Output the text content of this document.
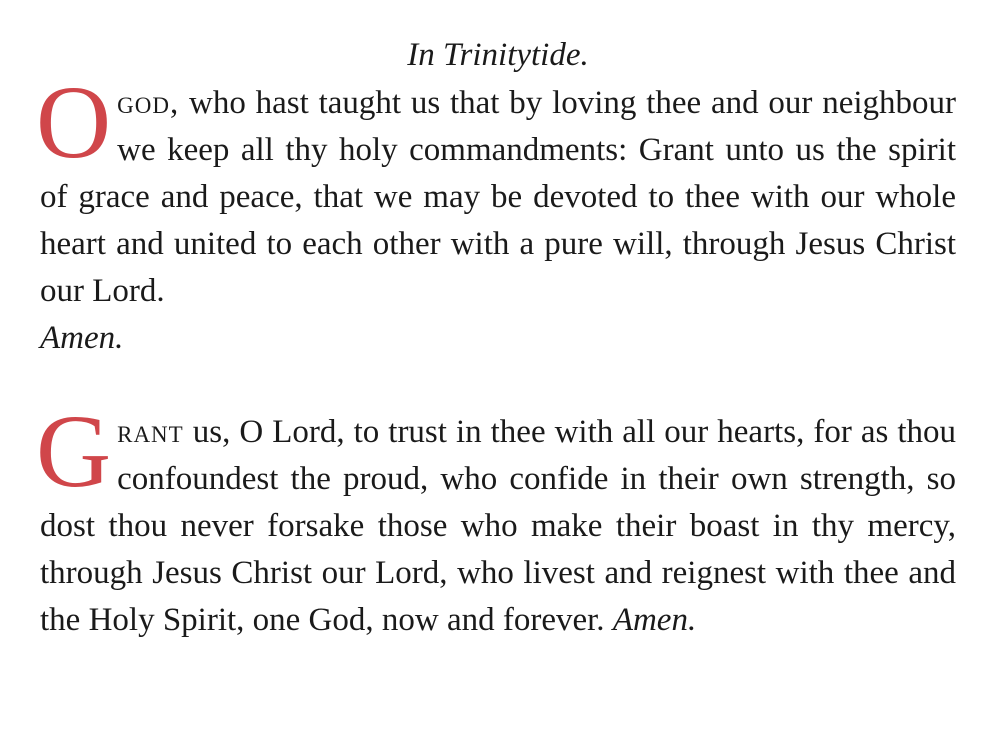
In Trinitytide.

Ogod, who hast taught us that by loving thee and our neighbour we keep all thy holy commandments: Grant unto us the spirit of grace and peace, that we may be devoted to thee with our whole heart and united to each other with a pure will, through Jesus Christ our Lord.
Amen.

Grant us, O Lord, to trust in thee with all our hearts, for as thou confoundest the proud, who confide in their own strength, so dost thou never forsake those who make their boast in thy mercy, through Jesus Christ our Lord, who livest and reignest with thee and the Holy Spirit, one God, now and forever. Amen.
